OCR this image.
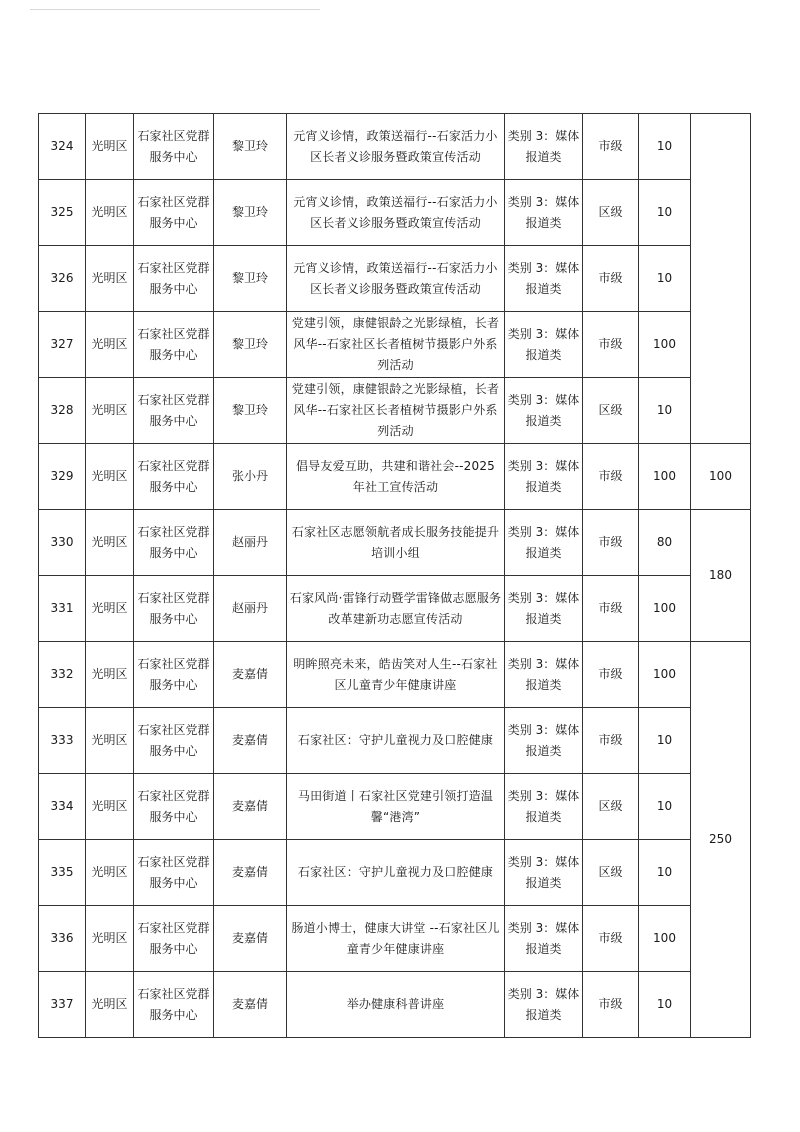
324	光明区	石家社区党群服务中心	黎卫玲	元宵义诊情，政策送福行--石家活力小区长者义诊服务暨政策宣传活动	类别 3：媒体报道类	市级	10	
325	光明区	石家社区党群服务中心	黎卫玲	元宵义诊情，政策送福行--石家活力小区长者义诊服务暨政策宣传活动	类别 3：媒体报道类	区级	10	
326	光明区	石家社区党群服务中心	黎卫玲	元宵义诊情，政策送福行--石家活力小区长者义诊服务暨政策宣传活动	类别 3：媒体报道类	市级	10	
327	光明区	石家社区党群服务中心	黎卫玲	党建引领，康健银龄之光影绿植，长者风华--石家社区长者植树节摄影户外系列活动	类别 3：媒体报道类	市级	100	
328	光明区	石家社区党群服务中心	黎卫玲	党建引领，康健银龄之光影绿植，长者风华--石家社区长者植树节摄影户外系列活动	类别 3：媒体报道类	区级	10	
329	光明区	石家社区党群服务中心	张小丹	倡导友爱互助，共建和谐社会--2025 年社工宣传活动	类别 3：媒体报道类	市级	100	100
330	光明区	石家社区党群服务中心	赵丽丹	石家社区志愿领航者成长服务技能提升培训小组	类别 3：媒体报道类	市级	80	180
331	光明区	石家社区党群服务中心	赵丽丹	石家风尚·雷锋行动暨学雷锋做志愿服务改革建新功志愿宣传活动	类别 3：媒体报道类	市级	100	
332	光明区	石家社区党群服务中心	麦嘉倩	明眸照亮未来，皓齿笑对人生--石家社区儿童青少年健康讲座	类别 3：媒体报道类	市级	100	250
333	光明区	石家社区党群服务中心	麦嘉倩	石家社区：守护儿童视力及口腔健康	类别 3：媒体报道类	市级	10	
334	光明区	石家社区党群服务中心	麦嘉倩	马田街道丨石家社区党建引领打造温馨“港湾”	类别 3：媒体报道类	区级	10	
335	光明区	石家社区党群服务中心	麦嘉倩	石家社区：守护儿童视力及口腔健康	类别 3：媒体报道类	区级	10	
336	光明区	石家社区党群服务中心	麦嘉倩	肠道小博士，健康大讲堂 --石家社区儿童青少年健康讲座	类别 3：媒体报道类	市级	100	
337	光明区	石家社区党群服务中心	麦嘉倩	举办健康科普讲座	类别 3：媒体报道类	市级	10	
